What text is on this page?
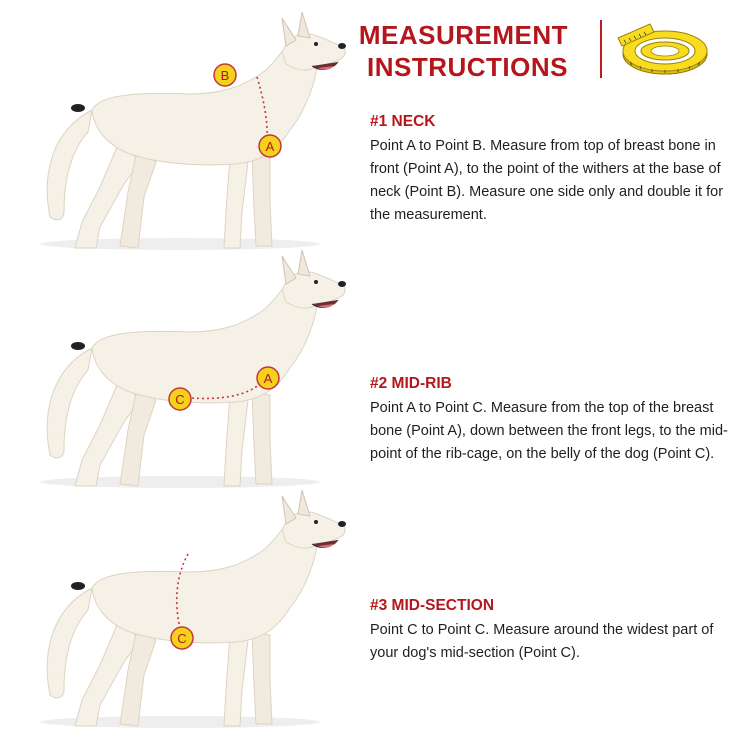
MEASUREMENT
INSTRUCTIONS
#1 NECK

Point A to Point B. Measure from top of breast bone in front (Point A), to the point of the withers at the base of neck (Point B). Measure one side only and double it for the measurement.

#2 MID-RIB

Point A to Point C. Measure from the top of the breast bone (Point A), down between the front legs, to the mid-point of the rib-cage, on the belly of the dog (Point C).

#3 MID-SECTION

Point C to Point C. Measure around the widest part of your dog's mid-section (Point C).

B
A
A
C
C
